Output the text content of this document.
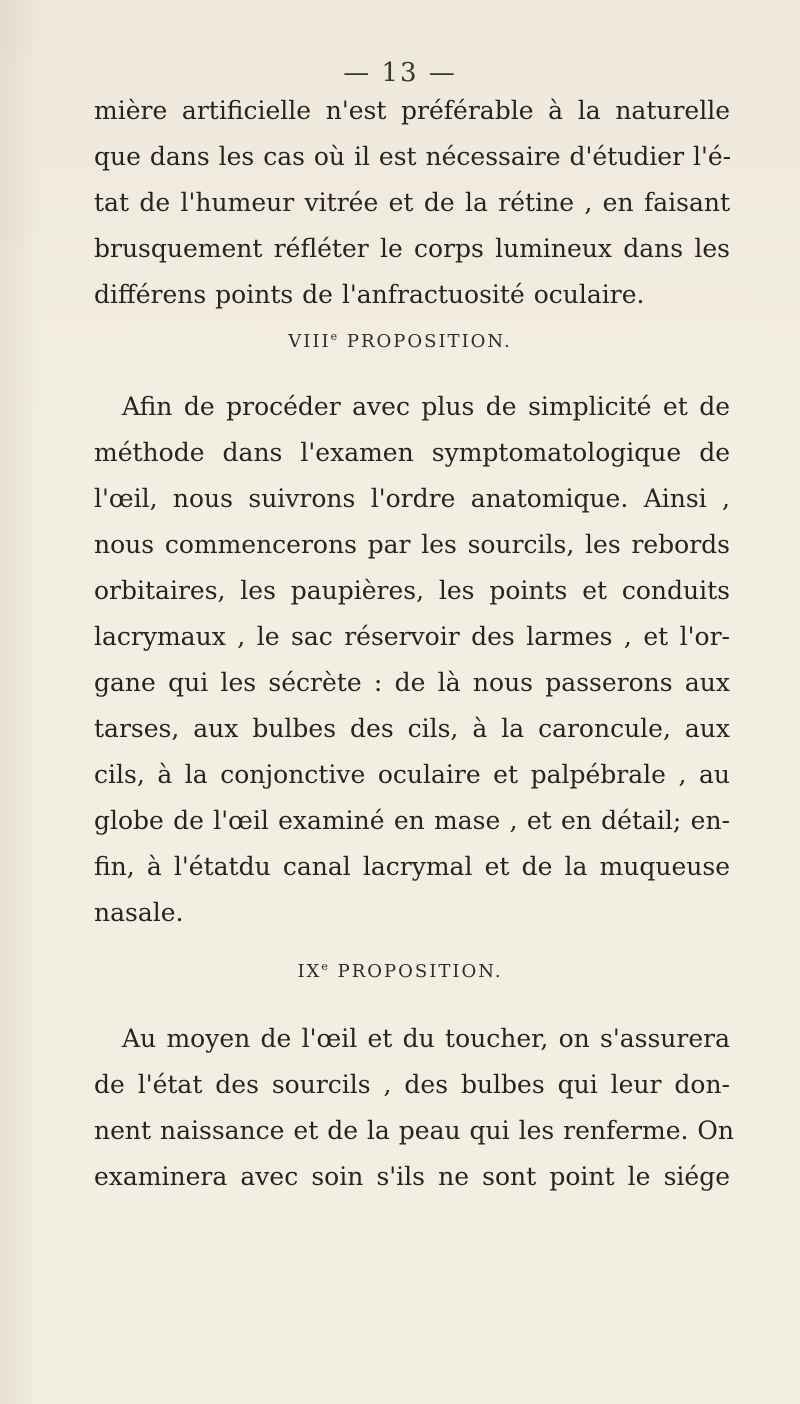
— 13 —
mière artificielle n'est préférable à la naturelle
que dans les cas où il est nécessaire d'étudier l'é-
tat de l'humeur vitrée et de la rétine , en faisant
brusquement réfléter le corps lumineux dans les
différens points de l'anfractuosité oculaire.
VIIIe PROPOSITION.
Afin de procéder avec plus de simplicité et de
méthode dans l'examen symptomatologique de
l'œil, nous suivrons l'ordre anatomique. Ainsi ,
nous commencerons par les sourcils, les rebords
orbitaires, les paupières, les points et conduits
lacrymaux , le sac réservoir des larmes , et l'or-
gane qui les sécrète : de là nous passerons aux
tarses, aux bulbes des cils, à la caroncule, aux
cils, à la conjonctive oculaire et palpébrale , au
globe de l'œil examiné en mase , et en détail; en-
fin, à l'étatdu canal lacrymal et de la muqueuse
nasale.
IXe PROPOSITION.
Au moyen de l'œil et du toucher, on s'assurera
de l'état des sourcils , des bulbes qui leur don-
nent naissance et de la peau qui les renferme. On
examinera avec soin s'ils ne sont point le siége
